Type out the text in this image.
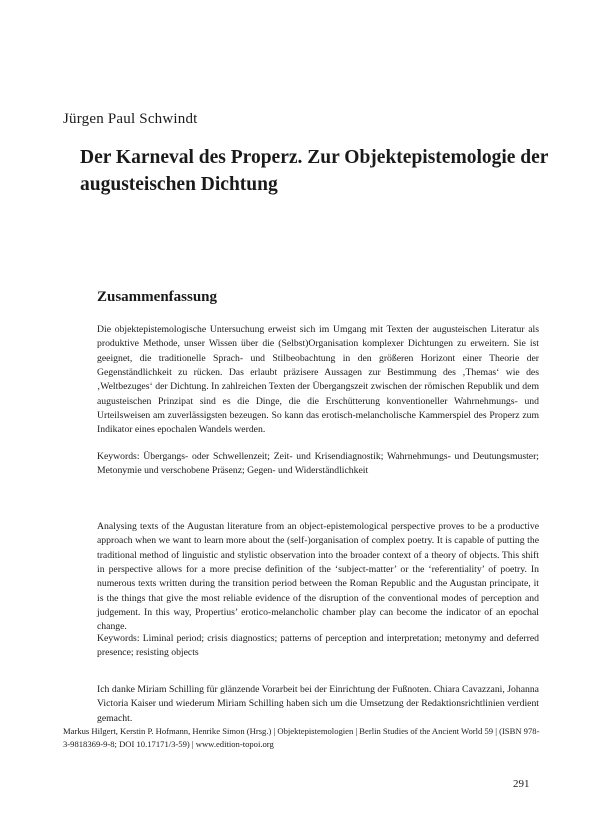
Jürgen Paul Schwindt
Der Karneval des Properz. Zur Objektepistemologie der augusteischen Dichtung
Zusammenfassung
Die objektepistemologische Untersuchung erweist sich im Umgang mit Texten der augusteischen Literatur als produktive Methode, unser Wissen über die (Selbst)Organisation komplexer Dichtungen zu erweitern. Sie ist geeignet, die traditionelle Sprach- und Stilbeobachtung in den größeren Horizont einer Theorie der Gegenständlichkeit zu rücken. Das erlaubt präzisere Aussagen zur Bestimmung des ‚Themas‘ wie des ‚Weltbezuges‘ der Dichtung. In zahlreichen Texten der Übergangszeit zwischen der römischen Republik und dem augusteischen Prinzipat sind es die Dinge, die die Erschütterung konventioneller Wahrnehmungs- und Urteilsweisen am zuverlässigsten bezeugen. So kann das erotisch-melancholische Kammerspiel des Properz zum Indikator eines epochalen Wandels werden.
Keywords: Übergangs- oder Schwellenzeit; Zeit- und Krisendiagnostik; Wahrnehmungs- und Deutungsmuster; Metonymie und verschobene Präsenz; Gegen- und Widerständlichkeit
Analysing texts of the Augustan literature from an object-epistemological perspective proves to be a productive approach when we want to learn more about the (self-)organisation of complex poetry. It is capable of putting the traditional method of linguistic and stylistic observation into the broader context of a theory of objects. This shift in perspective allows for a more precise definition of the ‘subject-matter’ or the ‘referentiality’ of poetry. In numerous texts written during the transition period between the Roman Republic and the Augustan principate, it is the things that give the most reliable evidence of the disruption of the conventional modes of perception and judgement. In this way, Propertius’ erotico-melancholic chamber play can become the indicator of an epochal change.
Keywords: Liminal period; crisis diagnostics; patterns of perception and interpretation; metonymy and deferred presence; resisting objects
Ich danke Miriam Schilling für glänzende Vorarbeit bei der Einrichtung der Fußnoten. Chiara Cavazzani, Johanna Victoria Kaiser und wiederum Miriam Schilling haben sich um die Umsetzung der Redaktionsrichtlinien verdient gemacht.
Markus Hilgert, Kerstin P. Hofmann, Henrike Simon (Hrsg.) | Objektepistemologien | Berlin Studies of the Ancient World 59 | (ISBN 978-3-9818369-9-8; DOI 10.17171/3-59) | www.edition-topoi.org
291
